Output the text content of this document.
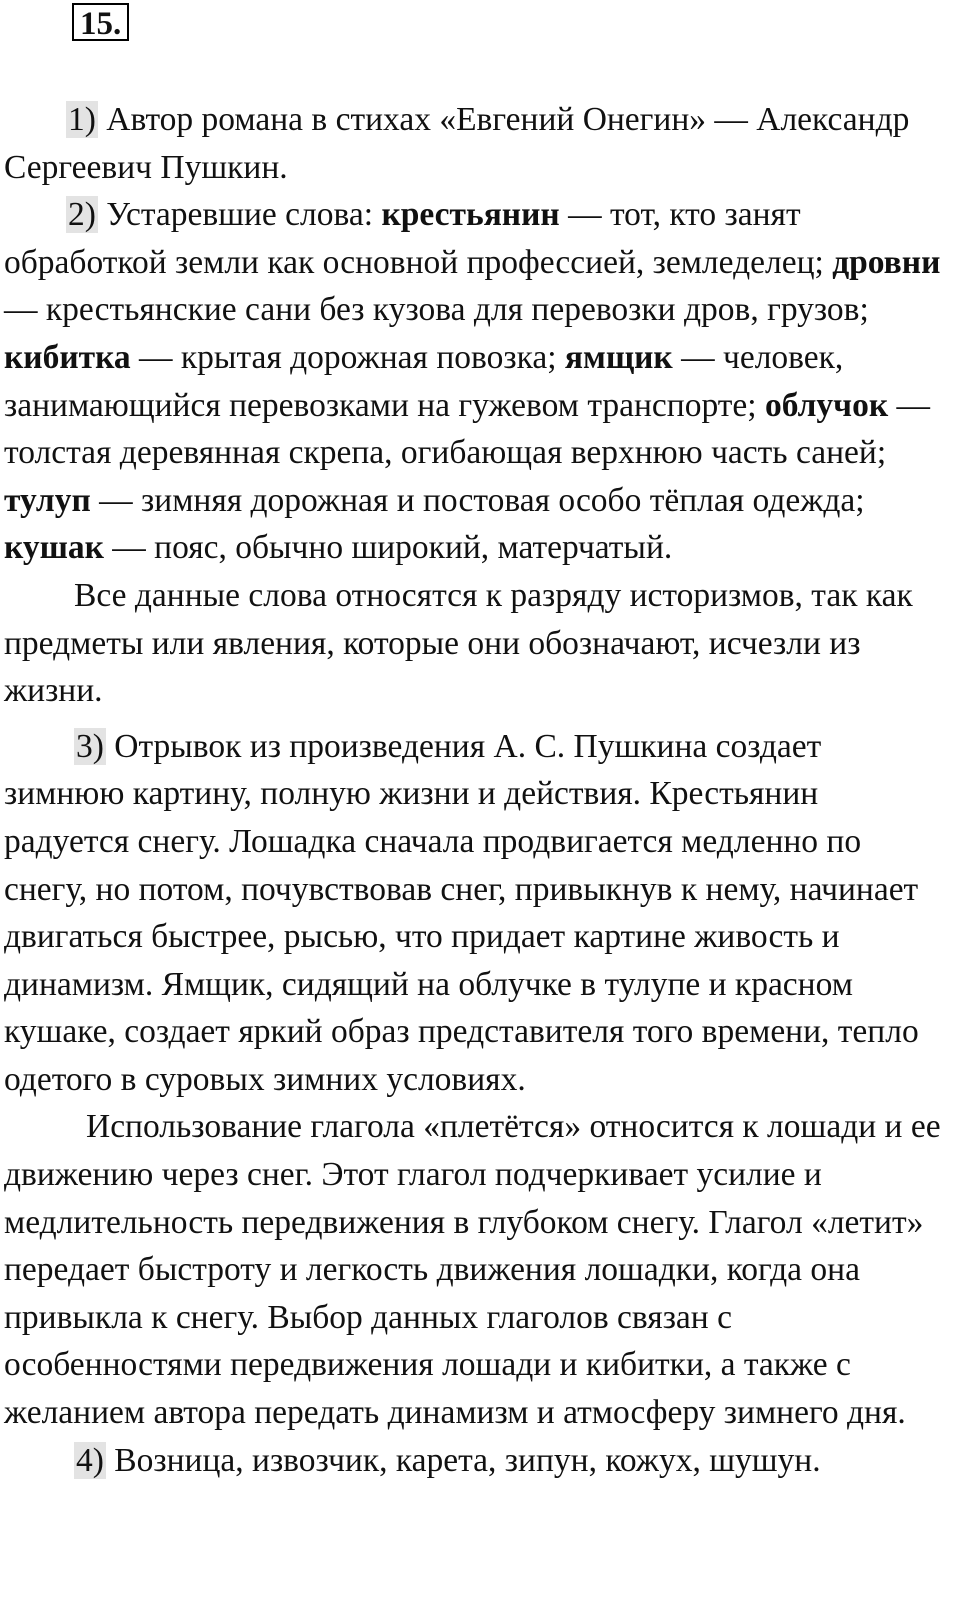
15.

1) Автор романа в стихах «Евгений Онегин» — Александр Сергеевич Пушкин.

2) Устаревшие слова: крестьянин — тот, кто занят обработкой земли как основной профессией, земледелец; дровни — крестьянские сани без кузова для перевозки дров, грузов; кибитка — крытая дорожная повозка; ямщик — человек, занимающийся перевозками на гужевом транспорте; облучок — толстая деревянная скрепа, огибающая верхнюю часть саней; тулуп — зимняя дорожная и постовая особо тёплая одежда; кушак — пояс, обычно широкий, матерчатый.

Все данные слова относятся к разряду историзмов, так как предметы или явления, которые они обозначают, исчезли из жизни.

3) Отрывок из произведения А. С. Пушкина создает зимнюю картину, полную жизни и действия. Крестьянин радуется снегу. Лошадка сначала продвигается медленно по снегу, но потом, почувствовав снег, привыкнув к нему, начинает двигаться быстрее, рысью, что придает картине живость и динамизм. Ямщик, сидящий на облучке в тулупе и красном кушаке, создает яркий образ представителя того времени, тепло одетого в суровых зимних условиях.

Использование глагола «плетётся» относится к лошади и ее движению через снег. Этот глагол подчеркивает усилие и медлительность передвижения в глубоком снегу. Глагол «летит» передает быстроту и легкость движения лошадки, когда она привыкла к снегу. Выбор данных глаголов связан с особенностями передвижения лошади и кибитки, а также с желанием автора передать динамизм и атмосферу зимнего дня.

4) Возница, извозчик, карета, зипун, кожух, шушун.
